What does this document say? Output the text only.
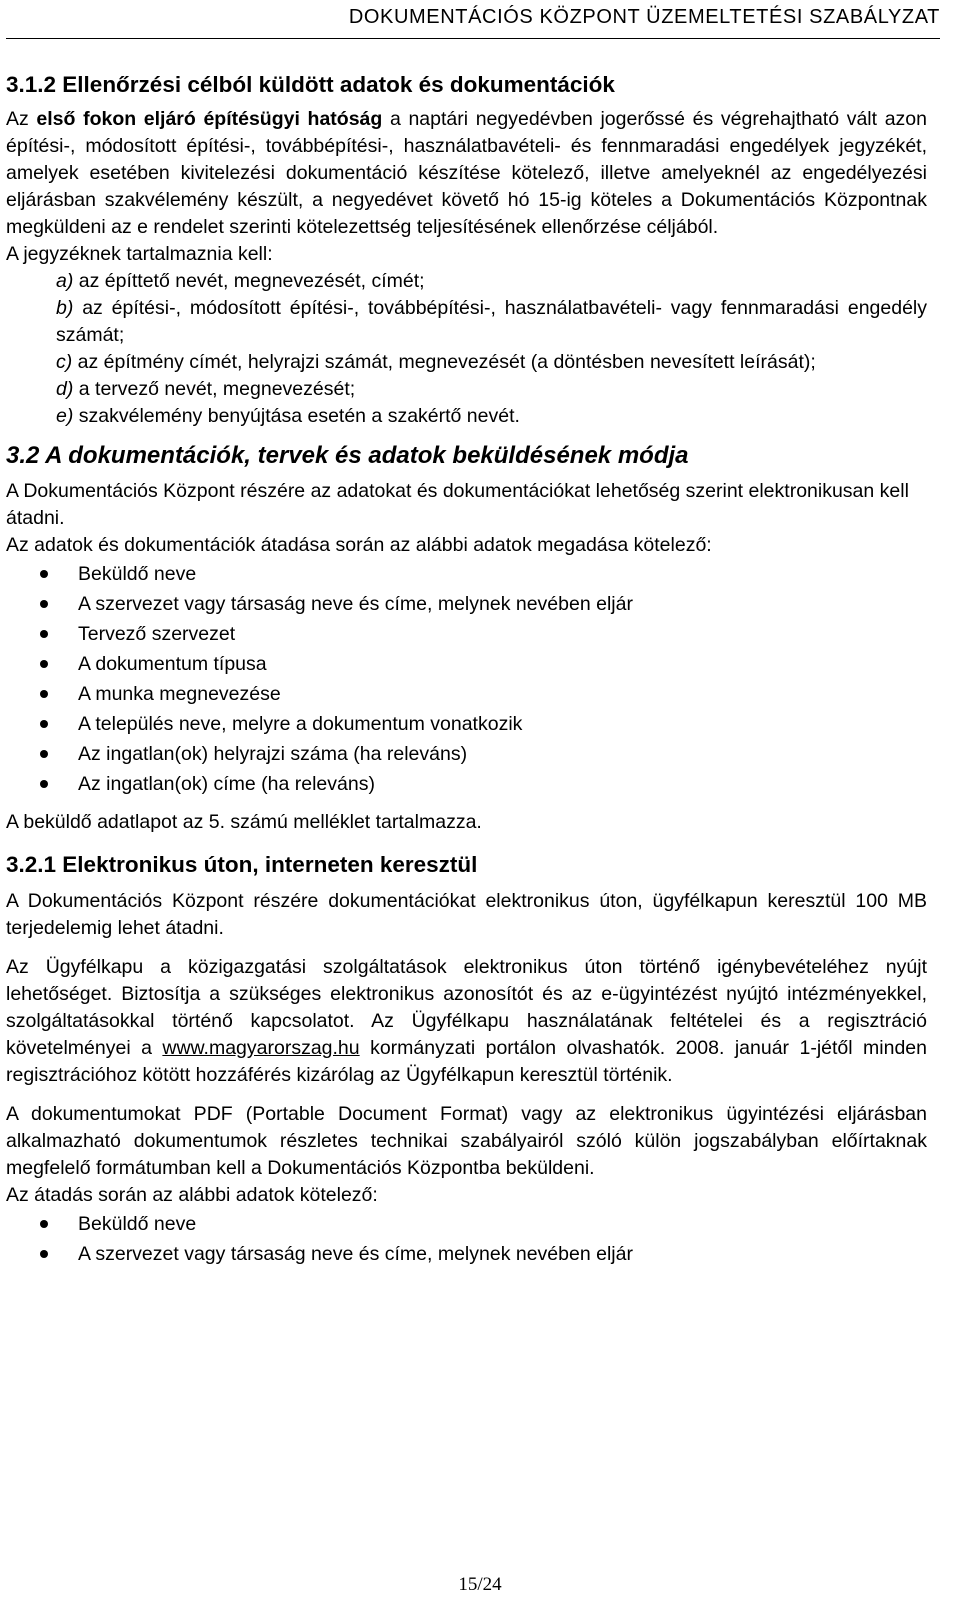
DOKUMENTÁCIÓS KÖZPONT ÜZEMELTETÉSI SZABÁLYZAT
3.1.2 Ellenőrzési célból küldött adatok és dokumentációk

Az első fokon eljáró építésügyi hatóság a naptári negyedévben jogerőssé és végrehajtható vált azon építési-, módosított építési-, továbbépítési-, használatbavételi- és fennmaradási engedélyek jegyzékét, amelyek esetében kivitelezési dokumentáció készítése kötelező, illetve amelyeknél az engedélyezési eljárásban szakvélemény készült, a negyedévet követő hó 15-ig köteles a Dokumentációs Központnak megküldeni az e rendelet szerinti kötelezettség teljesítésének ellenőrzése céljából.

A jegyzéknek tartalmaznia kell:

a) az építtető nevét, megnevezését, címét;

b) az építési-, módosított építési-, továbbépítési-, használatbavételi- vagy fennmaradási engedély számát;

c) az építmény címét, helyrajzi számát, megnevezését (a döntésben nevesített leírását);

d) a tervező nevét, megnevezését;

e) szakvélemény benyújtása esetén a szakértő nevét.

3.2 A dokumentációk, tervek és adatok beküldésének módja

A Dokumentációs Központ részére az adatokat és dokumentációkat lehetőség szerint elektronikusan kell átadni.

Az adatok és dokumentációk átadása során az alábbi adatok megadása kötelező:

Beküldő neve
A szervezet vagy társaság neve és címe, melynek nevében eljár
Tervező szervezet
A dokumentum típusa
A munka megnevezése
A település neve, melyre a dokumentum vonatkozik
Az ingatlan(ok) helyrajzi száma (ha releváns)
Az ingatlan(ok) címe (ha releváns)

A beküldő adatlapot az 5. számú melléklet tartalmazza.

3.2.1 Elektronikus úton, interneten keresztül

A Dokumentációs Központ részére dokumentációkat elektronikus úton, ügyfélkapun keresztül 100 MB terjedelemig lehet átadni.

Az Ügyfélkapu a közigazgatási szolgáltatások elektronikus úton történő igénybevételéhez nyújt lehetőséget. Biztosítja a szükséges elektronikus azonosítót és az e-ügyintézést nyújtó intézményekkel, szolgáltatásokkal történő kapcsolatot. Az Ügyfélkapu használatának feltételei és a regisztráció követelményei a www.magyarorszag.hu kormányzati portálon olvashatók. 2008. január 1-jétől minden regisztrációhoz kötött hozzáférés kizárólag az Ügyfélkapun keresztül történik.

A dokumentumokat PDF (Portable Document Format) vagy az elektronikus ügyintézési eljárásban alkalmazható dokumentumok részletes technikai szabályairól szóló külön jogszabályban előírtaknak megfelelő formátumban kell a Dokumentációs Központba beküldeni.

Az átadás során az alábbi adatok kötelező:

Beküldő neve
A szervezet vagy társaság neve és címe, melynek nevében eljár
15/24
